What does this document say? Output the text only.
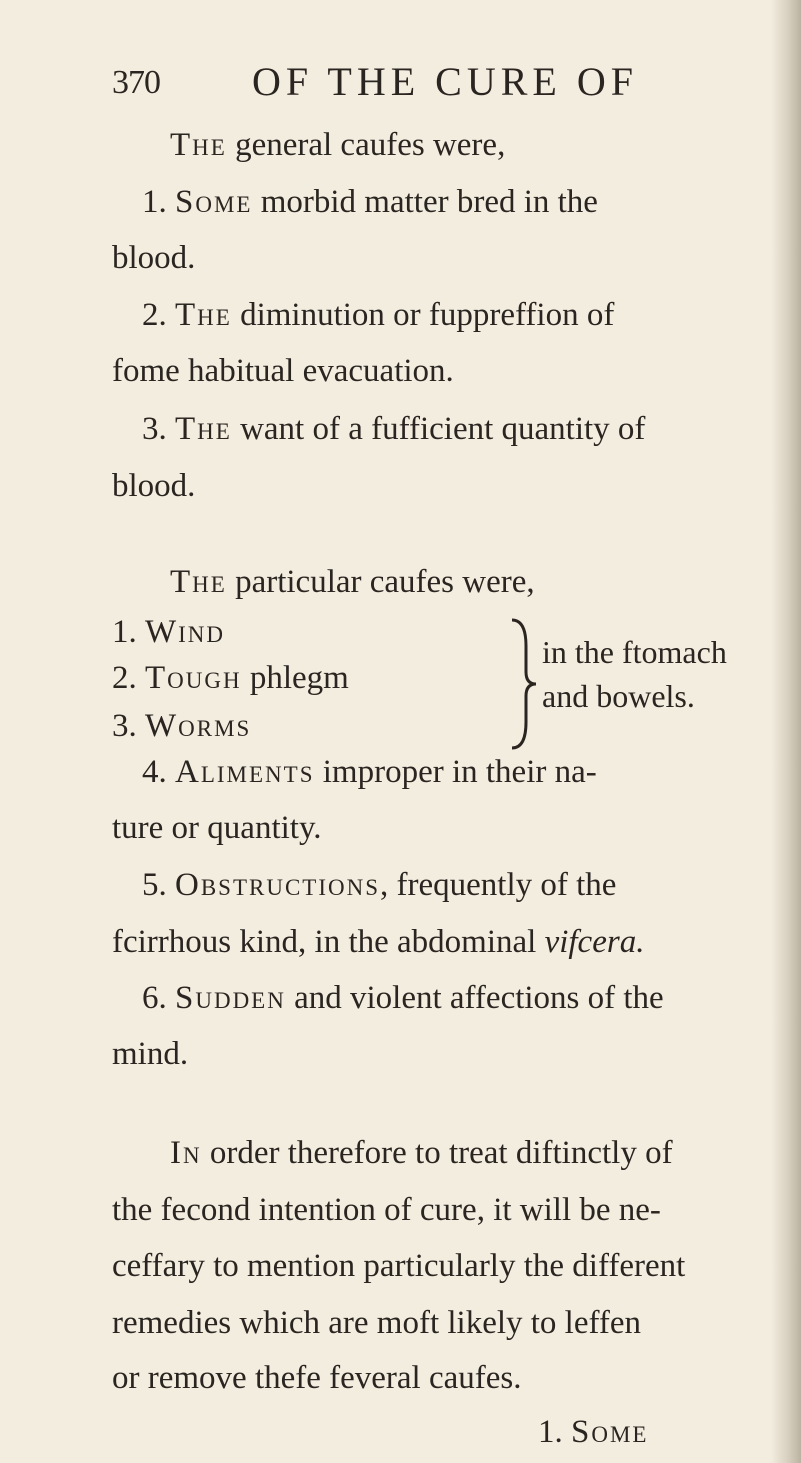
370 OF THE CURE OF
The general caufes were,
1. Some morbid matter bred in the
blood.
2. The diminution or fuppreffion of
fome habitual evacuation.
3. The want of a fufficient quantity of
blood.
The particular caufes were,
1. Wind
2. Tough phlegm
3. Worms
in the ftomach
and bowels.
4. Aliments improper in their na-
ture or quantity.
5. Obstructions, frequently of the
fcirrhous kind, in the abdominal vifcera.
6. Sudden and violent affections of the
mind.
In order therefore to treat diftinctly of
the fecond intention of cure, it will be ne-
ceffary to mention particularly the different
remedies which are moft likely to leffen
or remove thefe feveral caufes.
1. Some
